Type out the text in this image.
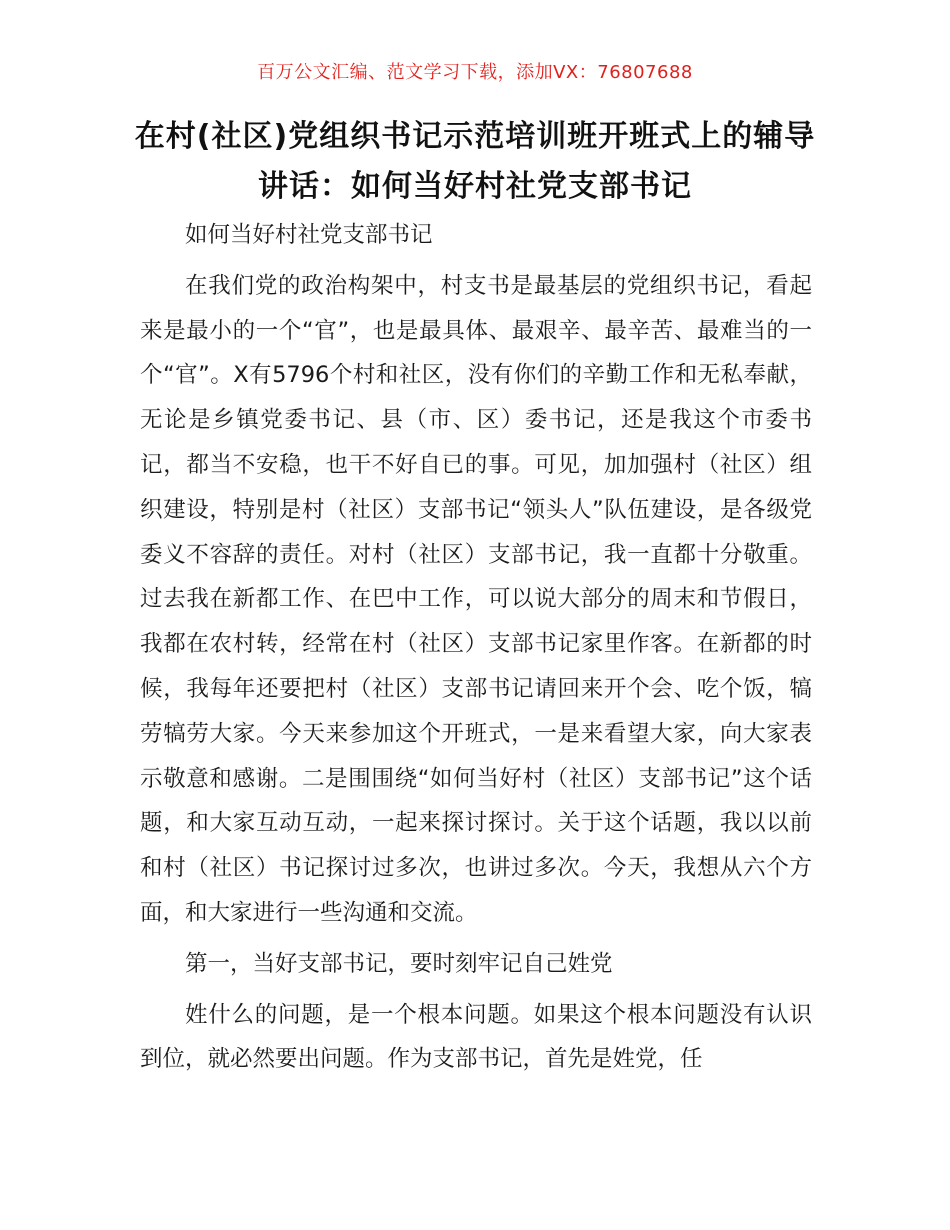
百万公文汇编、范文学习下载，添加VX：76807688
在村(社区)党组织书记示范培训班开班式上的辅导讲话：如何当好村社党支部书记

如何当好村社党支部书记

在我们党的政治构架中，村支书是最基层的党组织书记，看起来是最小的一个“官”，也是最具体、最艰辛、最辛苦、最难当的一个“官”。X有5796个村和社区，没有你们的辛勤工作和无私奉献，无论是乡镇党委书记、县（市、区）委书记，还是我这个市委书记，都当不安稳，也干不好自已的事。可见，加加强村（社区）组织建设，特别是村（社区）支部书记“领头人”队伍建设，是各级党委义不容辞的责任。对村（社区）支部书记，我一直都十分敬重。过去我在新都工作、在巴中工作，可以说大部分的周末和节假日，我都在农村转，经常在村（社区）支部书记家里作客。在新都的时候，我每年还要把村（社区）支部书记请回来开个会、吃个饭，犒劳犒劳大家。今天来参加这个开班式，一是来看望大家，向大家表示敬意和感谢。二是围围绕“如何当好村（社区）支部书记”这个话题，和大家互动互动，一起来探讨探讨。关于这个话题，我以以前和村（社区）书记探讨过多次，也讲过多次。今天，我想从六个方面，和大家进行一些沟通和交流。

第一，当好支部书记，要时刻牢记自己姓党

姓什么的问题，是一个根本问题。如果这个根本问题没有认识到位，就必然要出问题。作为支部书记，首先是姓党，任
